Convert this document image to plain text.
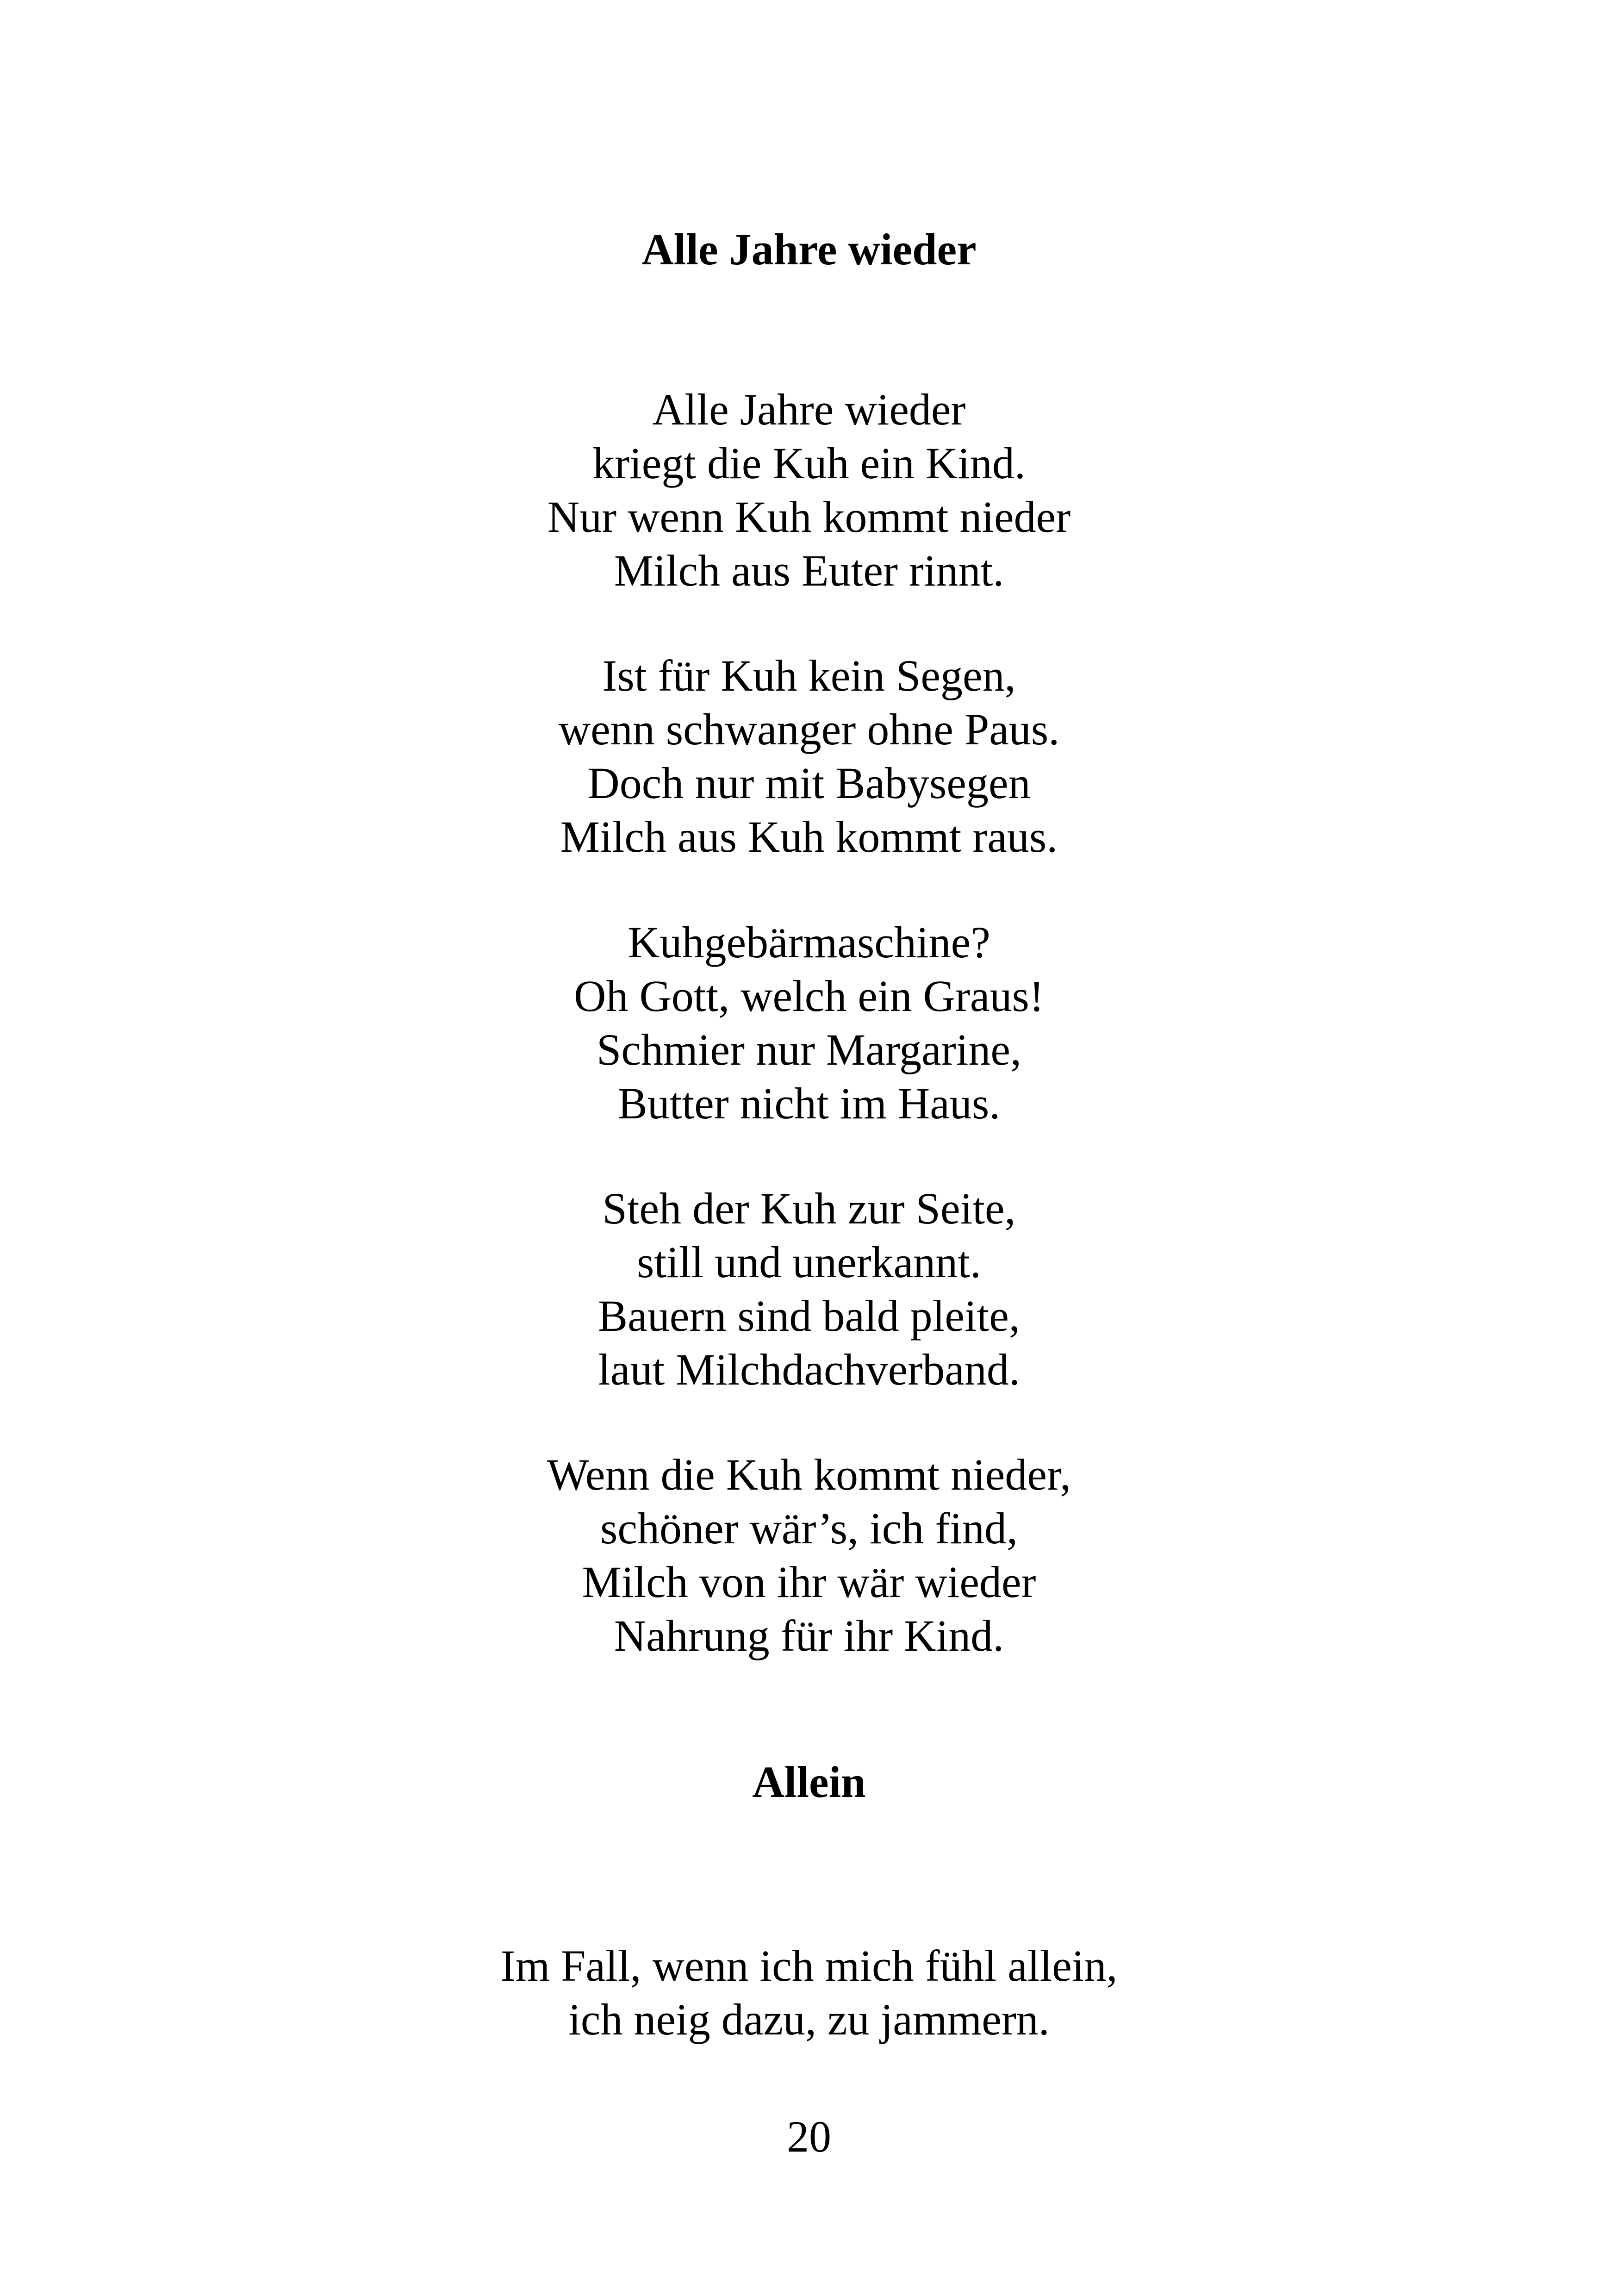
Alle Jahre wieder
Alle Jahre wieder
kriegt die Kuh ein Kind.
Nur wenn Kuh kommt nieder
Milch aus Euter rinnt.
Ist für Kuh kein Segen,
wenn schwanger ohne Paus.
Doch nur mit Babysegen
Milch aus Kuh kommt raus.
Kuhgebärmaschine?
Oh Gott, welch ein Graus!
Schmier nur Margarine,
Butter nicht im Haus.
Steh der Kuh zur Seite,
still und unerkannt.
Bauern sind bald pleite,
laut Milchdachverband.
Wenn die Kuh kommt nieder,
schöner wär’s, ich find,
Milch von ihr wär wieder
Nahrung für ihr Kind.
Allein
Im Fall, wenn ich mich fühl allein,
ich neig dazu, zu jammern.
20
